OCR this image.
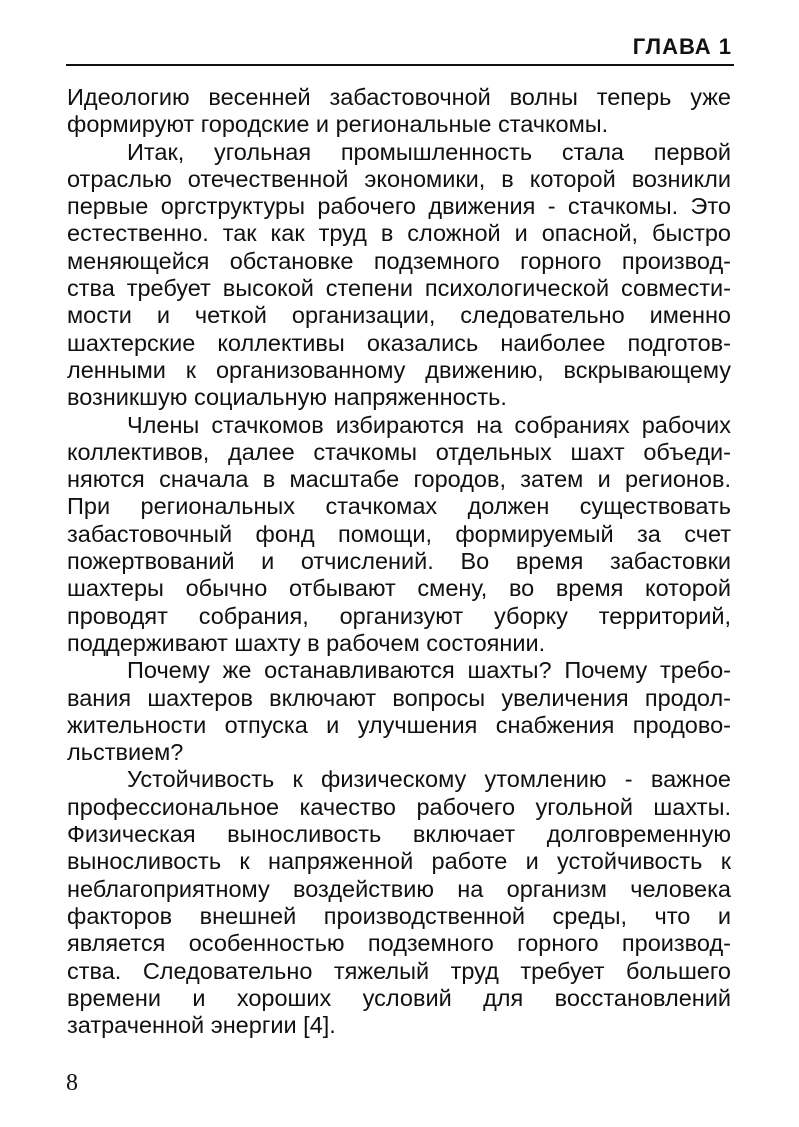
ГЛАВА 1

Идеологию весенней забастовочной волны теперь уже
формируют городские и региональные стачкомы.

Итак, угольная промышленность стала первой
отраслью отечественной экономики, в которой возникли
первые оргструктуры рабочего движения - стачкомы. Это
естественно. так как труд в сложной и опасной, быстро
меняющейся обстановке подземного горного производ-
ства требует высокой степени психологической совмести-
мости и четкой организации, следовательно именно
шахтерские коллективы оказались наиболее подготов-
ленными к организованному движению, вскрывающему
возникшую социальную напряженность.

Члены стачкомов избираются на собраниях рабочих
коллективов, далее стачкомы отдельных шахт объеди-
няются сначала в масштабе городов, затем и регионов.
При региональных стачкомах должен существовать
забастовочный фонд помощи, формируемый за счет
пожертвований и отчислений. Во время забастовки
шахтеры обычно отбывают смену, во время которой
проводят собрания, организуют уборку территорий,
поддерживают шахту в рабочем состоянии.

Почему же останавливаются шахты? Почему требо-
вания шахтеров включают вопросы увеличения продол-
жительности отпуска и улучшения снабжения продово-
льствием?

Устойчивость к физическому утомлению - важное
профессиональное качество рабочего угольной шахты.
Физическая выносливость включает долговременную
выносливость к напряженной работе и устойчивость к
неблагоприятному воздействию на организм человека
факторов внешней производственной среды, что и
является особенностью подземного горного производ-
ства. Следовательно тяжелый труд требует большего
времени и хороших условий для восстановлений
затраченной энергии [4].

8
